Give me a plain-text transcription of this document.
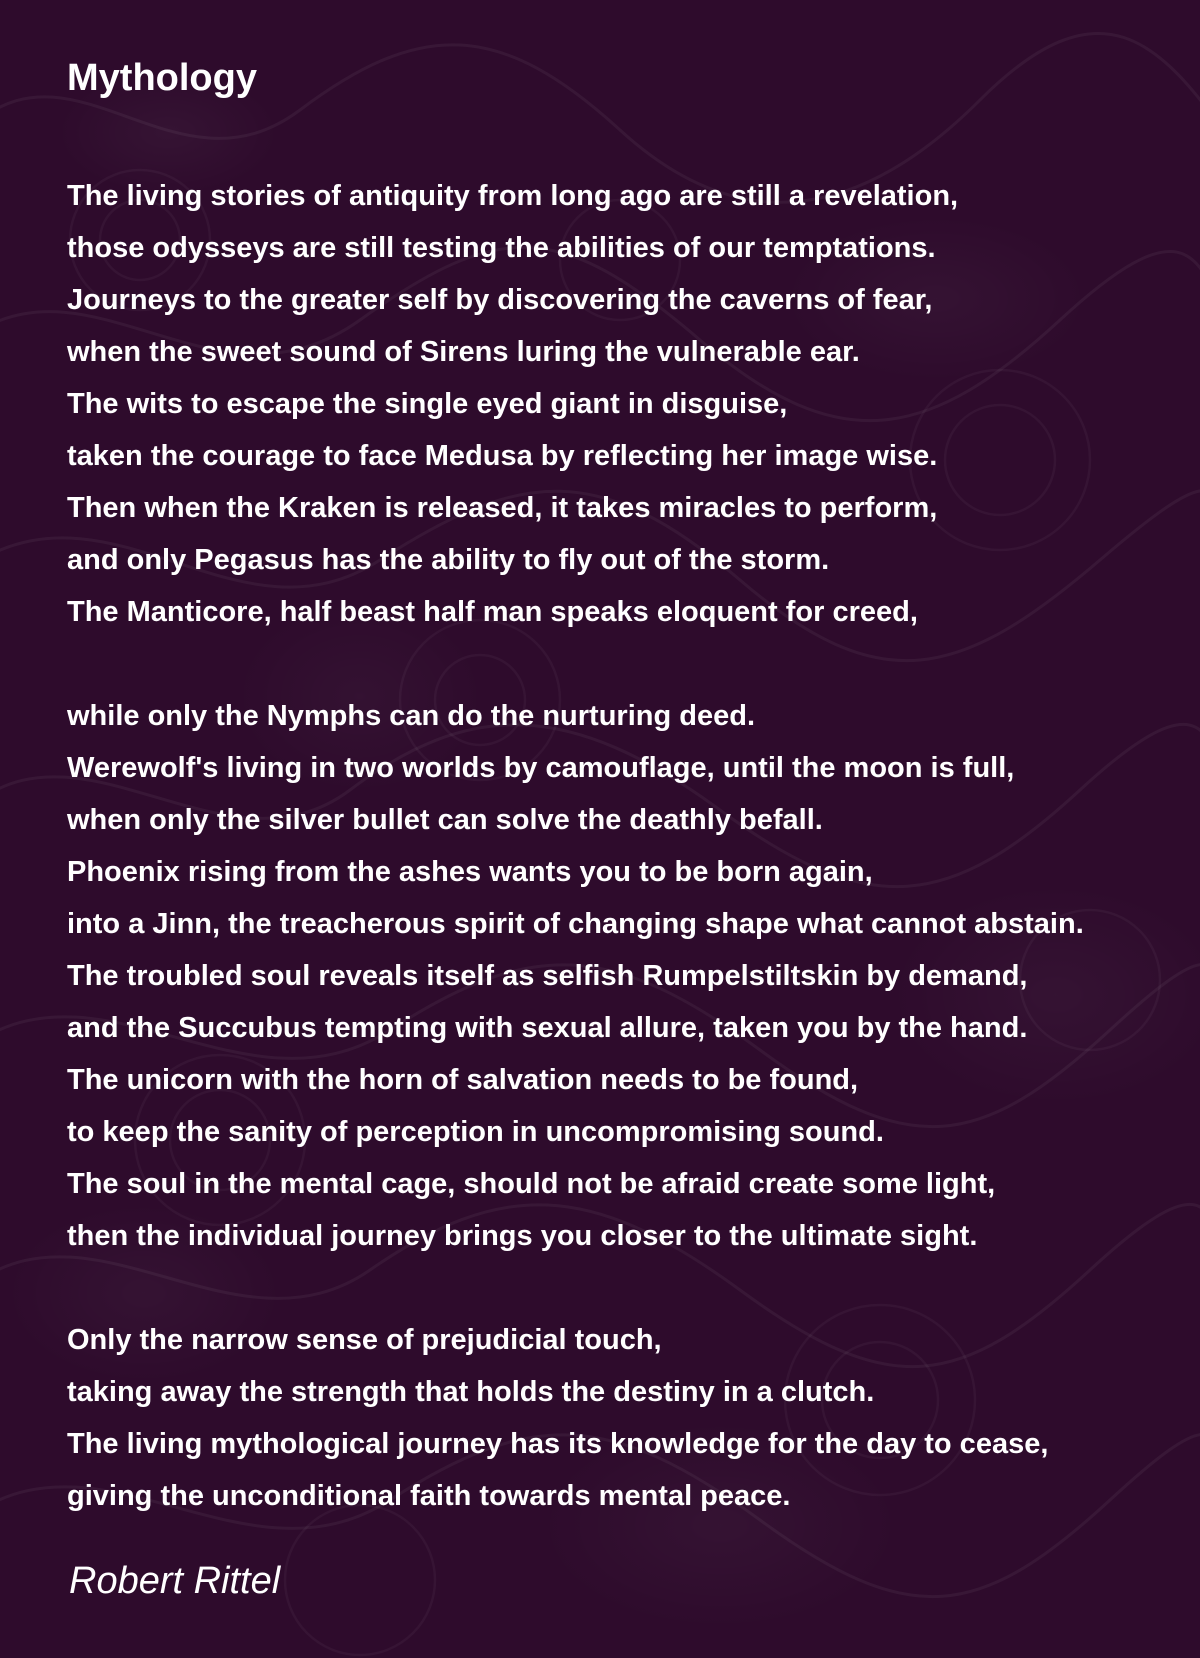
Mythology
The living stories of antiquity from long ago are still a revelation,
those odysseys are still testing the abilities of our temptations.
Journeys to the greater self by discovering the caverns of fear,
when the sweet sound of Sirens luring the vulnerable ear.
The wits to escape the single eyed giant in disguise,
taken the courage to face Medusa by reflecting her image wise.
Then when the Kraken is released, it takes miracles to perform,
and only Pegasus has the ability to fly out of the storm.
The Manticore, half beast half man speaks eloquent for creed,
while only the Nymphs can do the nurturing deed.
Werewolf's living in two worlds by camouflage, until the moon is full,
when only the silver bullet can solve the deathly befall.
Phoenix rising from the ashes wants you to be born again,
into a Jinn, the treacherous spirit of changing shape what cannot abstain.
The troubled soul reveals itself as selfish Rumpelstiltskin by demand,
and the Succubus tempting with sexual allure, taken you by the hand.
The unicorn with the horn of salvation needs to be found,
to keep the sanity of perception in uncompromising sound.
The soul in the mental cage, should not be afraid create some light,
then the individual journey brings you closer to the ultimate sight.
Only the narrow sense of prejudicial touch,
taking away the strength that holds the destiny in a clutch.
The living mythological journey has its knowledge for the day to cease,
giving the unconditional faith towards mental peace.
Robert Rittel
